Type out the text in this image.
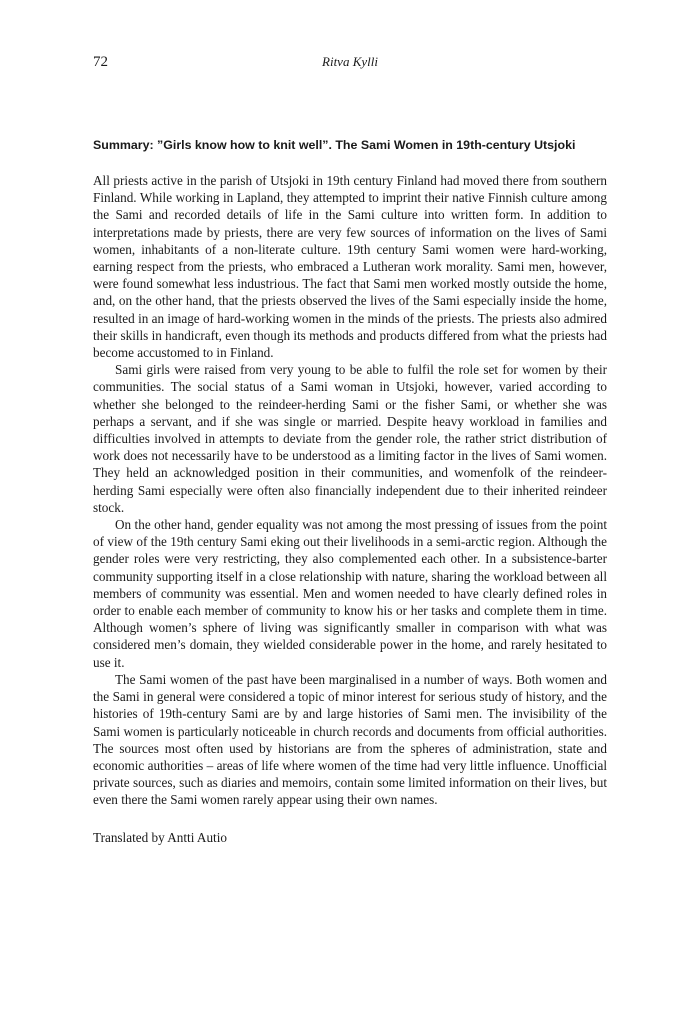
72	Ritva Kylli
Summary: ”Girls know how to knit well”. The Sami Women in 19th-century Utsjoki

All priests active in the parish of Utsjoki in 19th century Finland had moved there from southern Finland. While working in Lapland, they attempted to imprint their native Finnish culture among the Sami and recorded details of life in the Sami culture into written form. In addition to interpretations made by priests, there are very few sources of information on the lives of Sami women, inhabitants of a non-literate culture. 19th century Sami women were hard-working, earning respect from the priests, who embraced a Lutheran work morality. Sami men, however, were found somewhat less industrious. The fact that Sami men worked mostly outside the home, and, on the other hand, that the priests observed the lives of the Sami especially inside the home, resulted in an image of hard-working women in the minds of the priests. The priests also admired their skills in handicraft, even though its methods and products differed from what the priests had become accustomed to in Finland.

Sami girls were raised from very young to be able to fulfil the role set for women by their communities. The social status of a Sami woman in Utsjoki, however, varied according to whether she belonged to the reindeer-herding Sami or the fisher Sami, or whether she was perhaps a servant, and if she was single or married. Despite heavy workload in families and difficulties involved in attempts to deviate from the gender role, the rather strict distribution of work does not necessarily have to be understood as a limiting factor in the lives of Sami women. They held an acknowledged position in their communities, and womenfolk of the reindeer-herding Sami especially were often also financially independent due to their inherited reindeer stock.

On the other hand, gender equality was not among the most pressing of issues from the point of view of the 19th century Sami eking out their livelihoods in a semi-arctic region. Although the gender roles were very restricting, they also complemented each other. In a subsistence-barter community supporting itself in a close relationship with nature, sharing the workload between all members of community was essential. Men and women needed to have clearly defined roles in order to enable each member of community to know his or her tasks and complete them in time. Although women’s sphere of living was significantly smaller in comparison with what was considered men’s domain, they wielded considerable power in the home, and rarely hesitated to use it.

The Sami women of the past have been marginalised in a number of ways. Both women and the Sami in general were considered a topic of minor interest for serious study of history, and the histories of 19th-century Sami are by and large histories of Sami men. The invisibility of the Sami women is particularly noticeable in church records and documents from official authorities. The sources most often used by historians are from the spheres of administration, state and economic authorities – areas of life where women of the time had very little influence. Unofficial private sources, such as diaries and memoirs, contain some limited information on their lives, but even there the Sami women rarely appear using their own names.

Translated by Antti Autio
